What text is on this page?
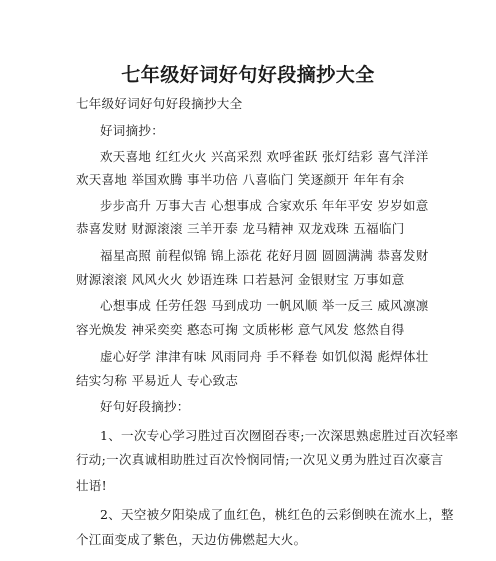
七年级好词好句好段摘抄大全
七年级好词好句好段摘抄大全
好词摘抄：
欢天喜地 红红火火 兴高采烈 欢呼雀跃 张灯结彩 喜气洋洋
欢天喜地 举国欢腾 事半功倍 八喜临门 笑逐颜开 年年有余
步步高升 万事大吉 心想事成 合家欢乐 年年平安 岁岁如意
恭喜发财 财源滚滚 三羊开泰 龙马精神 双龙戏珠 五福临门
福星高照 前程似锦 锦上添花 花好月圆 圆圆满满 恭喜发财
财源滚滚 风风火火 妙语连珠 口若悬河 金银财宝 万事如意
心想事成 任劳任怨 马到成功 一帆风顺 举一反三 威风凛凛
容光焕发 神采奕奕 憨态可掬 文质彬彬 意气风发 悠然自得
虚心好学 津津有味 风雨同舟 手不释卷 如饥似渴 彪焊体壮
结实匀称 平易近人 专心致志
好句好段摘抄：
1、一次专心学习胜过百次囫囵吞枣;一次深思熟虑胜过百次轻率
行动;一次真诚相助胜过百次怜悯同情;一次见义勇为胜过百次豪言
壮语!
2、天空被夕阳染成了血红色，桃红色的云彩倒映在流水上，整
个江面变成了紫色，天边仿佛燃起大火。
